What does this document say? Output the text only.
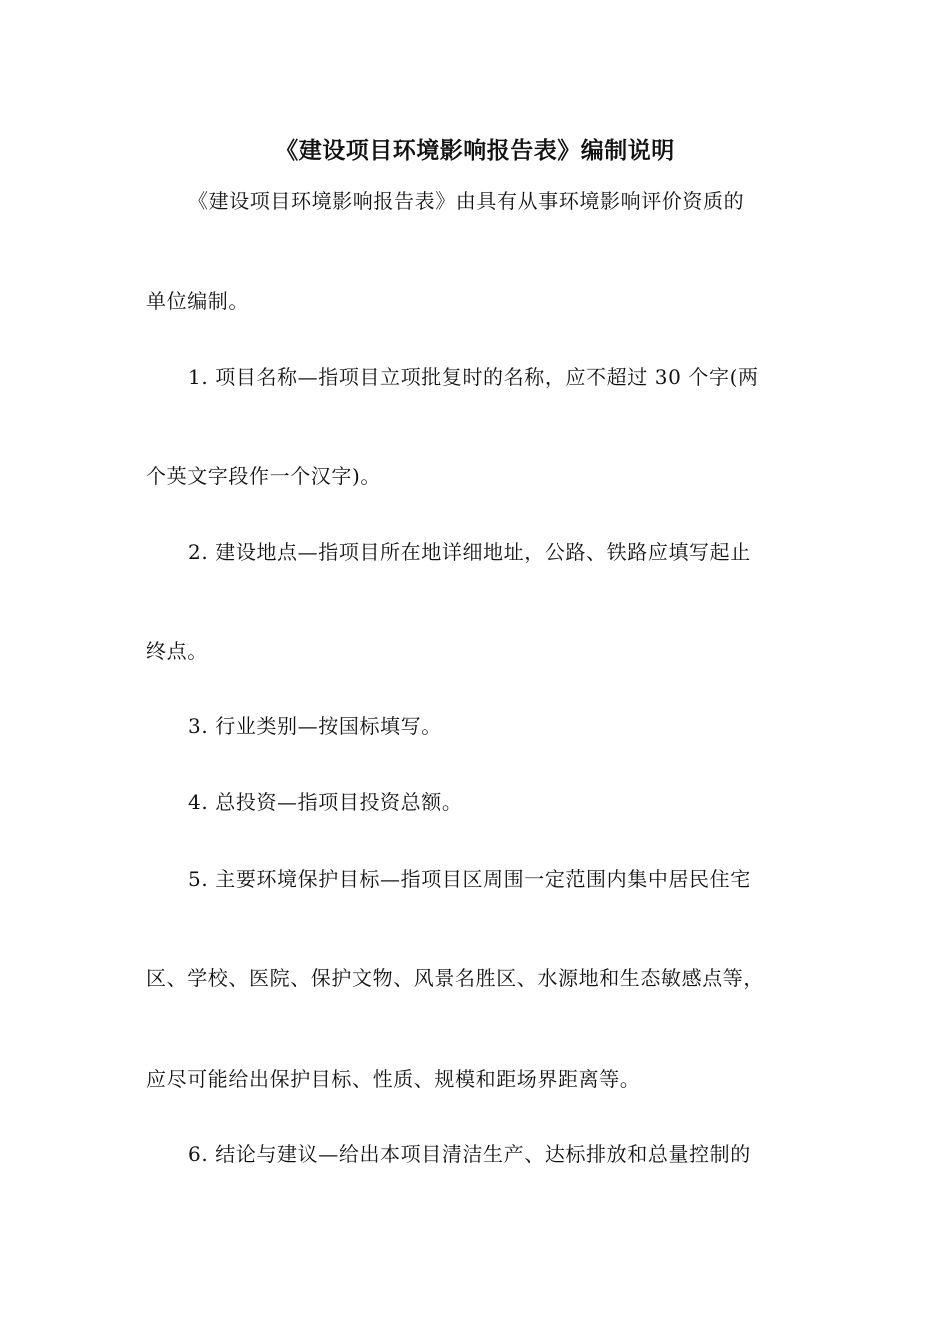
《建设项目环境影响报告表》编制说明
《建设项目环境影响报告表》由具有从事环境影响评价资质的
单位编制。
1. 项目名称—指项目立项批复时的名称，应不超过 30 个字(两
个英文字段作一个汉字)。
2. 建设地点—指项目所在地详细地址，公路、铁路应填写起止
终点。
3. 行业类别—按国标填写。
4. 总投资—指项目投资总额。
5. 主要环境保护目标—指项目区周围一定范围内集中居民住宅
区、学校、医院、保护文物、风景名胜区、水源地和生态敏感点等，
应尽可能给出保护目标、性质、规模和距场界距离等。
6. 结论与建议—给出本项目清洁生产、达标排放和总量控制的
